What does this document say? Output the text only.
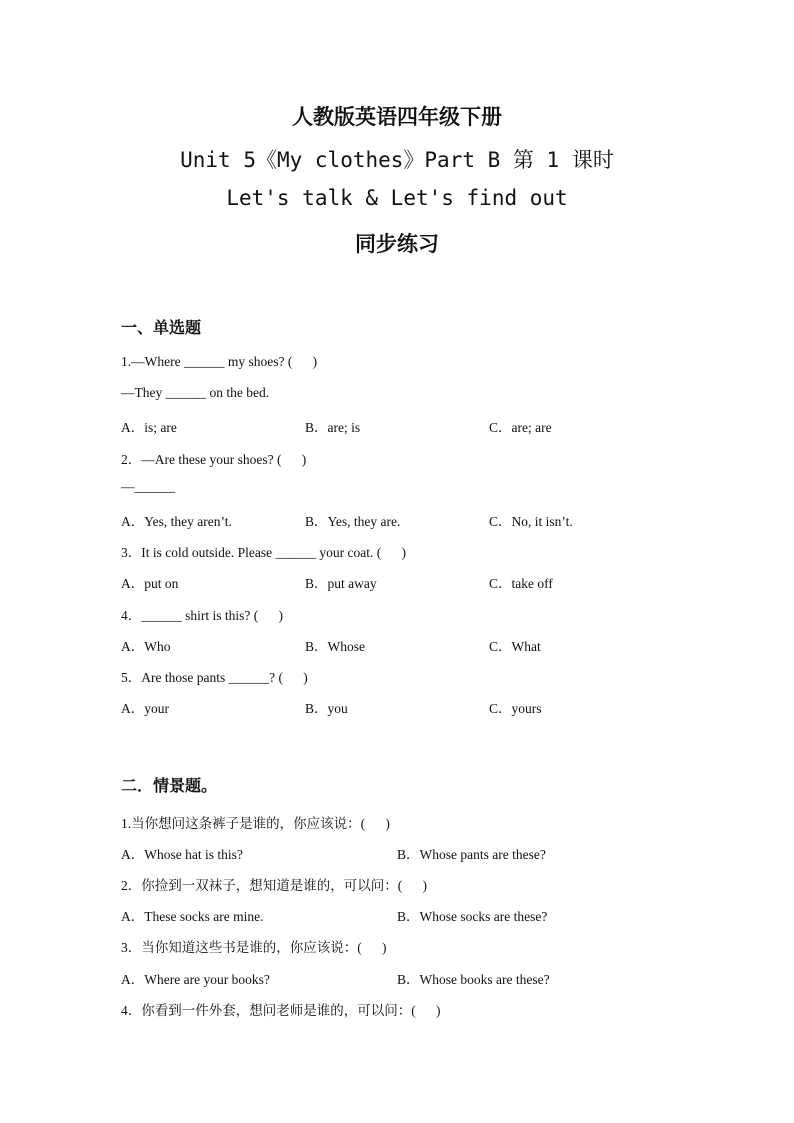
人教版英语四年级下册
Unit 5《My clothes》Part B 第 1 课时
Let's talk & Let's find out
同步练习
一、单选题
1.—Where ______ my shoes? (      )
—They ______ on the bed.
A．is; are	B．are; is	C．are; are
2．—Are these your shoes? (      )
—______
A．Yes, they aren’t.	B．Yes, they are.	C．No, it isn’t.
3．It is cold outside. Please ______ your coat. (      )
A．put on	B．put away	C．take off
4．______ shirt is this? (      )
A．Who	B．Whose	C．What
5．Are those pants ______? (      )
A．your	B．you	C．yours
二．情景题。
1.当你想问这条裤子是谁的，你应该说：(      )
A．Whose hat is this?	B．Whose pants are these?
2．你捡到一双袜子，想知道是谁的，可以问：(      )
A．These socks are mine.	B．Whose socks are these?
3．当你知道这些书是谁的，你应该说：(      )
A．Where are your books?	B．Whose books are these?
4．你看到一件外套，想问老师是谁的，可以问：(      )
